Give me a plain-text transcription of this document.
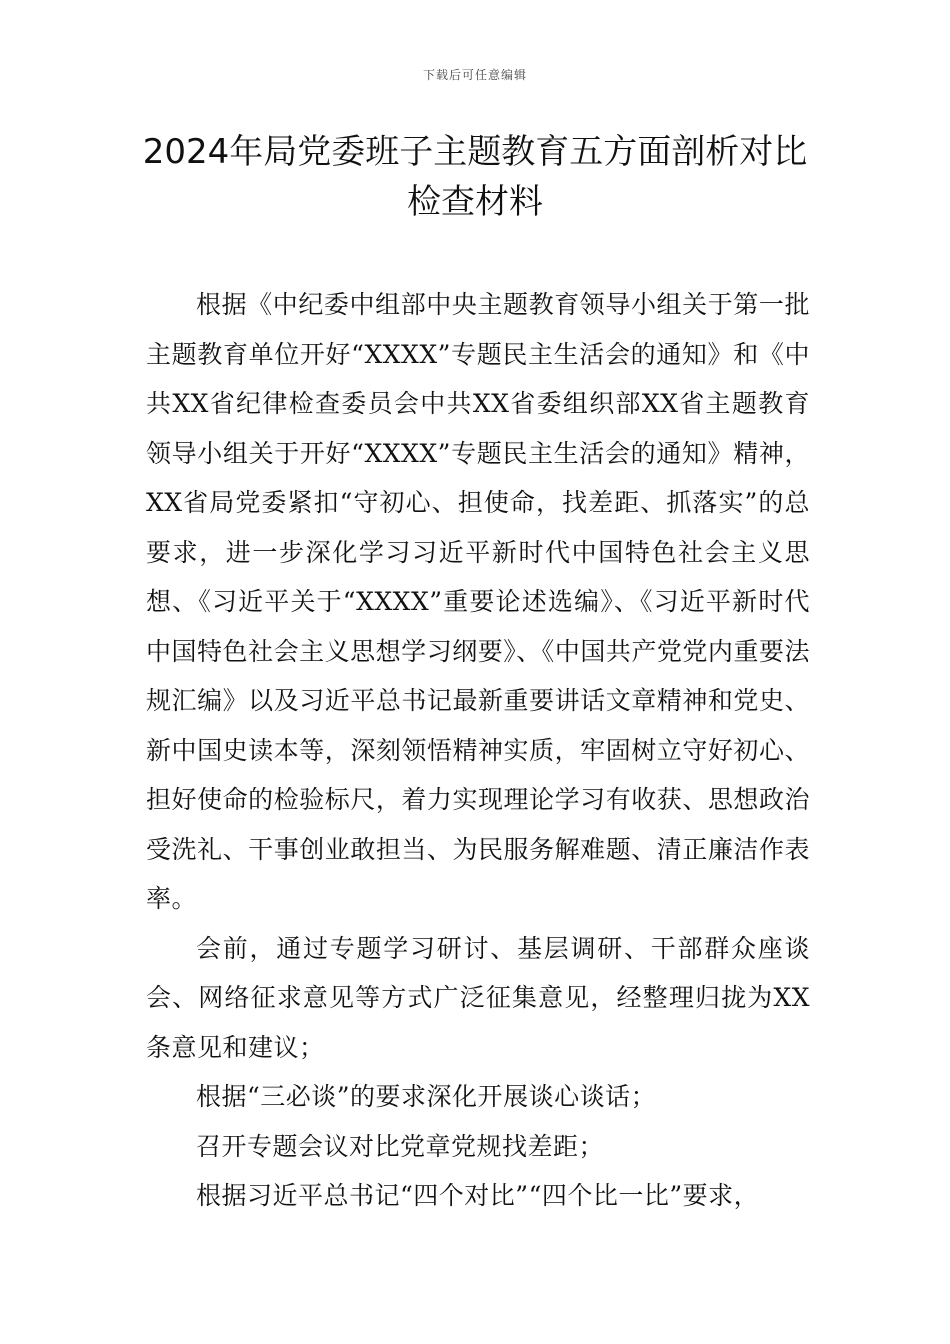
下载后可任意编辑
2024年局党委班子主题教育五方面剖析对比检查材料

根据《中纪委中组部中央主题教育领导小组关于第一批主题教育单位开好“XXXX”专题民主生活会的通知》和《中共XX省纪律检查委员会中共XX省委组织部XX省主题教育领导小组关于开好“XXXX”专题民主生活会的通知》精神，XX省局党委紧扣“守初心、担使命，找差距、抓落实”的总要求，进一步深化学习习近平新时代中国特色社会主义思想、《习近平关于“XXXX”重要论述选编》、《习近平新时代中国特色社会主义思想学习纲要》、《中国共产党党内重要法规汇编》以及习近平总书记最新重要讲话文章精神和党史、新中国史读本等，深刻领悟精神实质，牢固树立守好初心、担好使命的检验标尺，着力实现理论学习有收获、思想政治受洗礼、干事创业敢担当、为民服务解难题、清正廉洁作表率。

会前，通过专题学习研讨、基层调研、干部群众座谈会、网络征求意见等方式广泛征集意见，经整理归拢为XX条意见和建议；

根据“三必谈”的要求深化开展谈心谈话；

召开专题会议对比党章党规找差距；

根据习近平总书记“四个对比”“四个比一比”要求，
